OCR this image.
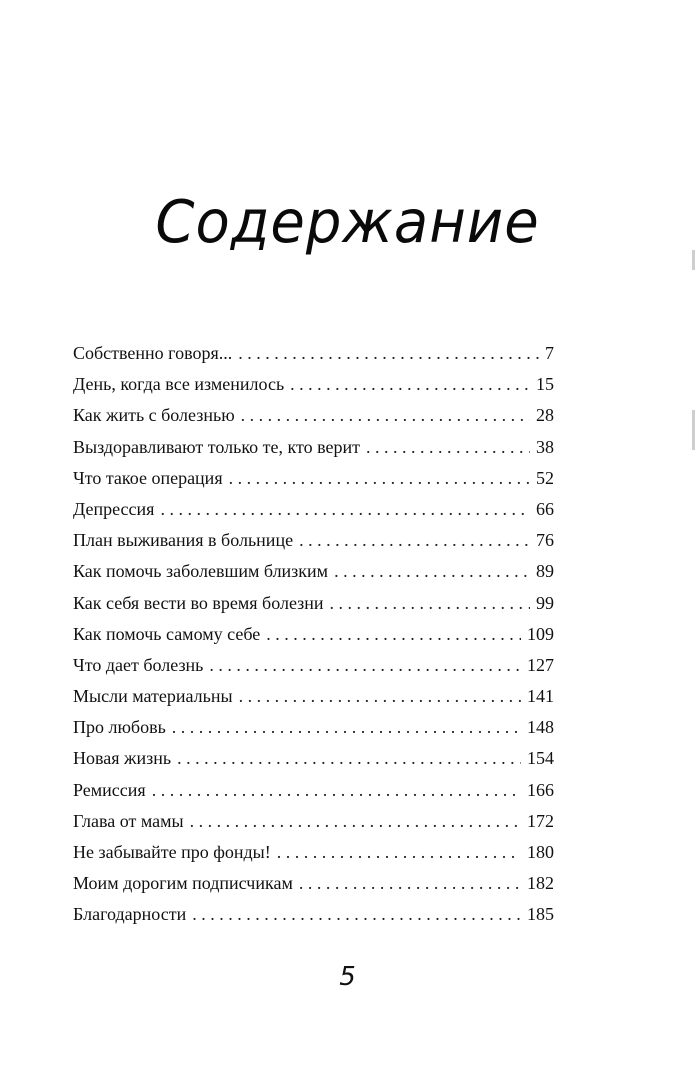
Содержание
Собственно говоря... . . .	7
День, когда все изменилось . . .	15
Как жить с болезнью . . .	28
Выздоравливают только те, кто верит . . .	38
Что такое операция . . .	52
Депрессия . . .	66
План выживания в больнице . . .	76
Как помочь заболевшим близким . . .	89
Как себя вести во время болезни . . .	99
Как помочь самому себе . . .	109
Что дает болезнь . . .	127
Мысли материальны . . .	141
Про любовь . . .	148
Новая жизнь . . .	154
Ремиссия . . .	166
Глава от мамы . . .	172
Не забывайте про фонды! . . .	180
Моим дорогим подписчикам . . .	182
Благодарности . . .	185
5
